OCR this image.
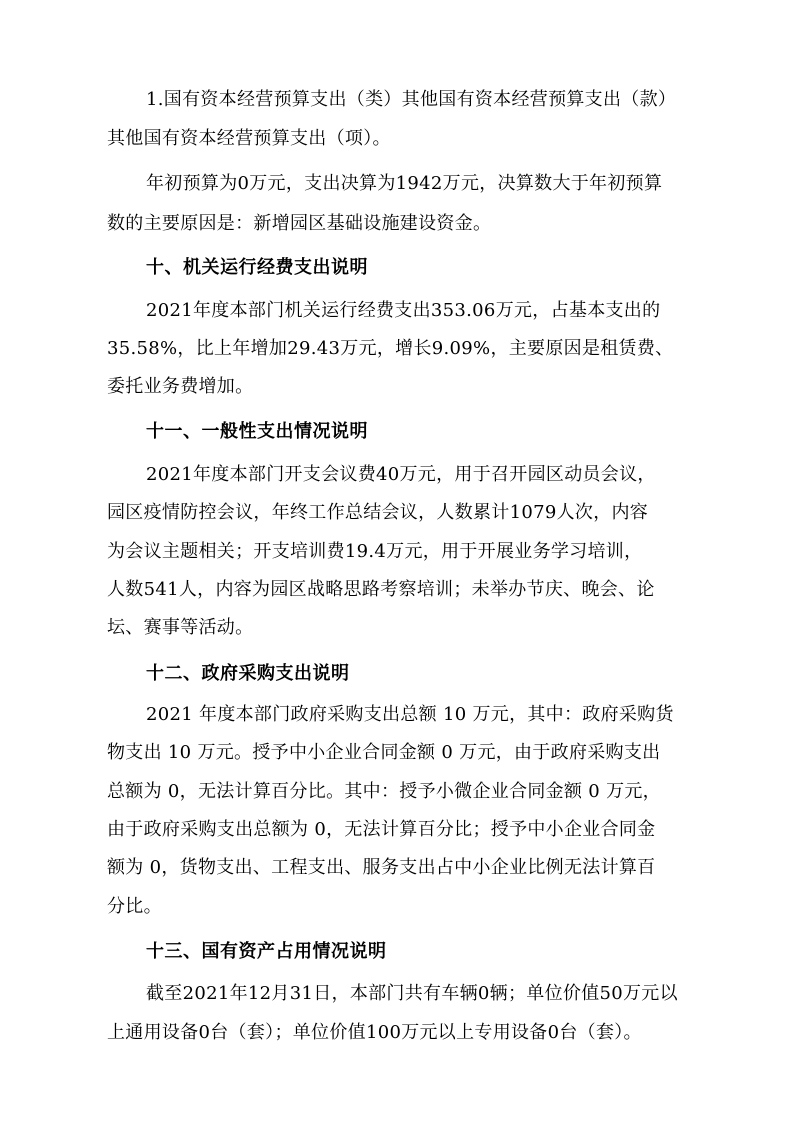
1.国有资本经营预算支出（类）其他国有资本经营预算支出（款）
其他国有资本经营预算支出（项）。
年初预算为0万元，支出决算为1942万元，决算数大于年初预算
数的主要原因是：新增园区基础设施建设资金。
十、机关运行经费支出说明
2021年度本部门机关运行经费支出353.06万元，占基本支出的
35.58%，比上年增加29.43万元，增长9.09%，主要原因是租赁费、
委托业务费增加。
十一、一般性支出情况说明
2021年度本部门开支会议费40万元，用于召开园区动员会议，
园区疫情防控会议，年终工作总结会议，人数累计1079人次，内容
为会议主题相关；开支培训费19.4万元，用于开展业务学习培训，
人数541人，内容为园区战略思路考察培训；未举办节庆、晚会、论
坛、赛事等活动。
十二、政府采购支出说明
2021 年度本部门政府采购支出总额 10 万元，其中：政府采购货
物支出 10 万元。授予中小企业合同金额 0 万元，由于政府采购支出
总额为 0，无法计算百分比。其中：授予小微企业合同金额 0 万元，
由于政府采购支出总额为 0，无法计算百分比；授予中小企业合同金
额为 0，货物支出、工程支出、服务支出占中小企业比例无法计算百
分比。
十三、国有资产占用情况说明
截至2021年12月31日，本部门共有车辆0辆；单位价值50万元以
上通用设备0台（套）；单位价值100万元以上专用设备0台（套）。
